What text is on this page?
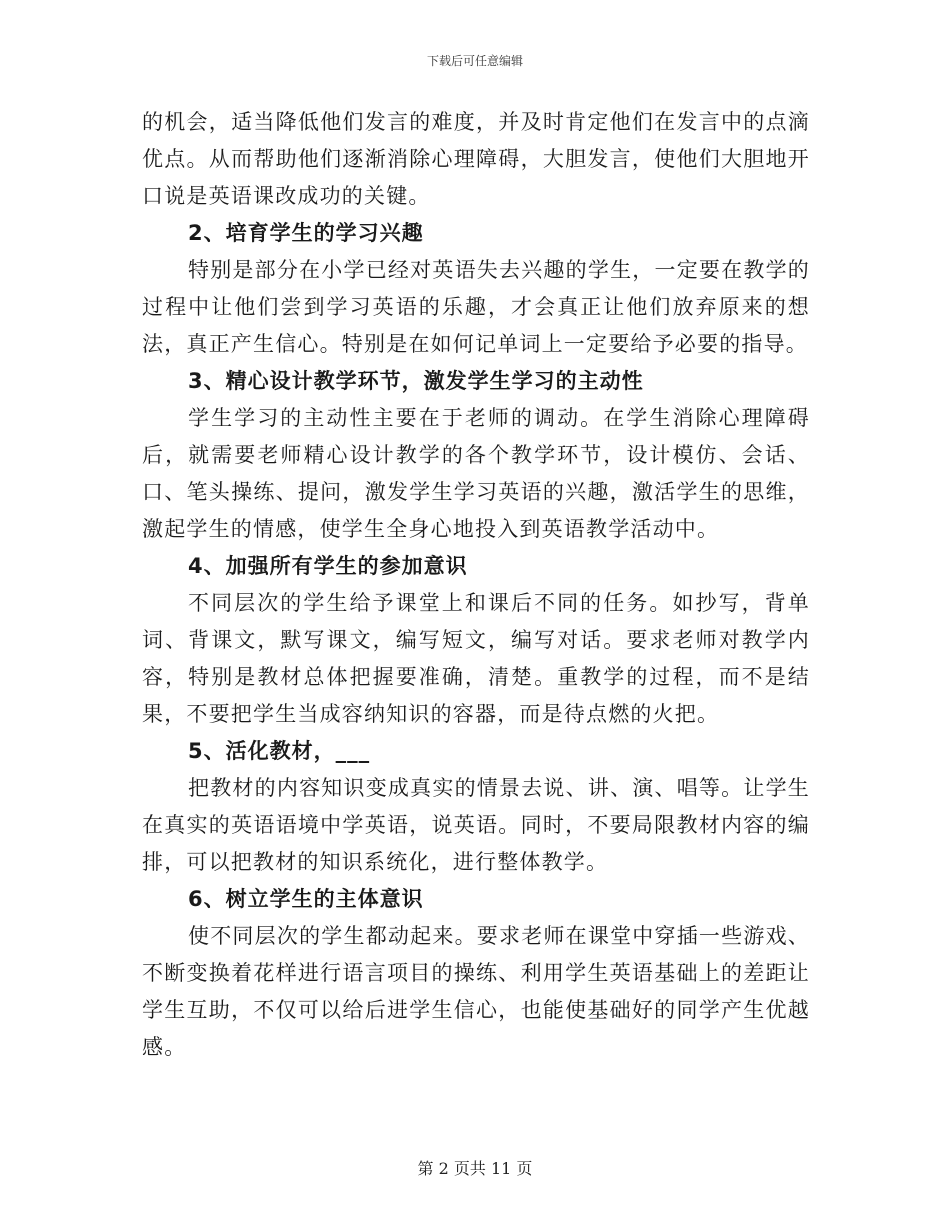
下载后可任意编辑

的机会，适当降低他们发言的难度，并及时肯定他们在发言中的点滴优点。从而帮助他们逐渐消除心理障碍，大胆发言，使他们大胆地开口说是英语课改成功的关键。

2、培育学生的学习兴趣

特别是部分在小学已经对英语失去兴趣的学生，一定要在教学的过程中让他们尝到学习英语的乐趣，才会真正让他们放弃原来的想法，真正产生信心。特别是在如何记单词上一定要给予必要的指导。

3、精心设计教学环节，激发学生学习的主动性

学生学习的主动性主要在于老师的调动。在学生消除心理障碍后，就需要老师精心设计教学的各个教学环节，设计模仿、会话、口、笔头操练、提问，激发学生学习英语的兴趣，激活学生的思维，激起学生的情感，使学生全身心地投入到英语教学活动中。

4、加强所有学生的参加意识

不同层次的学生给予课堂上和课后不同的任务。如抄写，背单词、背课文，默写课文，编写短文，编写对话。要求老师对教学内容，特别是教材总体把握要准确，清楚。重教学的过程，而不是结果，不要把学生当成容纳知识的容器，而是待点燃的火把。

5、活化教材，___

把教材的内容知识变成真实的情景去说、讲、演、唱等。让学生在真实的英语语境中学英语，说英语。同时，不要局限教材内容的编排，可以把教材的知识系统化，进行整体教学。

6、树立学生的主体意识

使不同层次的学生都动起来。要求老师在课堂中穿插一些游戏、不断变换着花样进行语言项目的操练、利用学生英语基础上的差距让学生互助，不仅可以给后进学生信心，也能使基础好的同学产生优越感。

第 2 页共 11 页
